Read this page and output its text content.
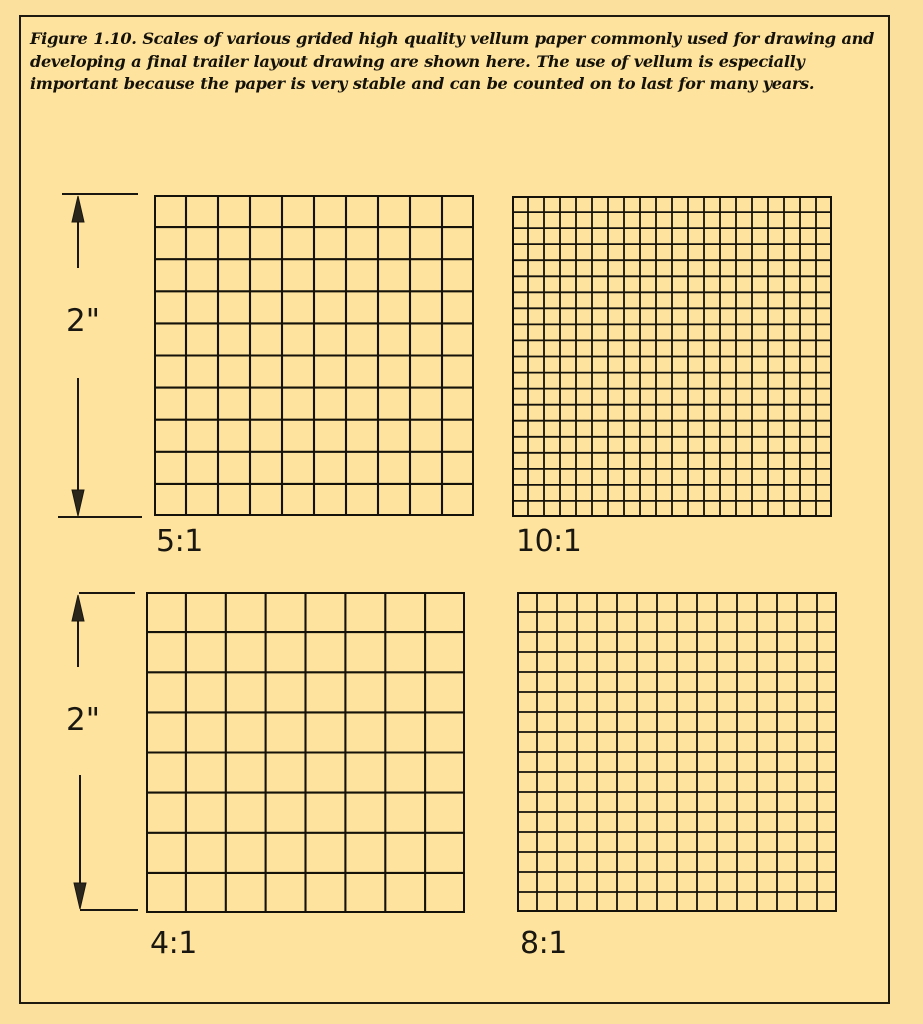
Figure 1.10. Scales of various grided high quality vellum paper commonly used for drawing and developing a final trailer layout drawing are shown here. The use of vellum is especially important because the paper is very stable and can be counted on to last for many years.
2"
2"
5:1	10:1
4:1	8:1
